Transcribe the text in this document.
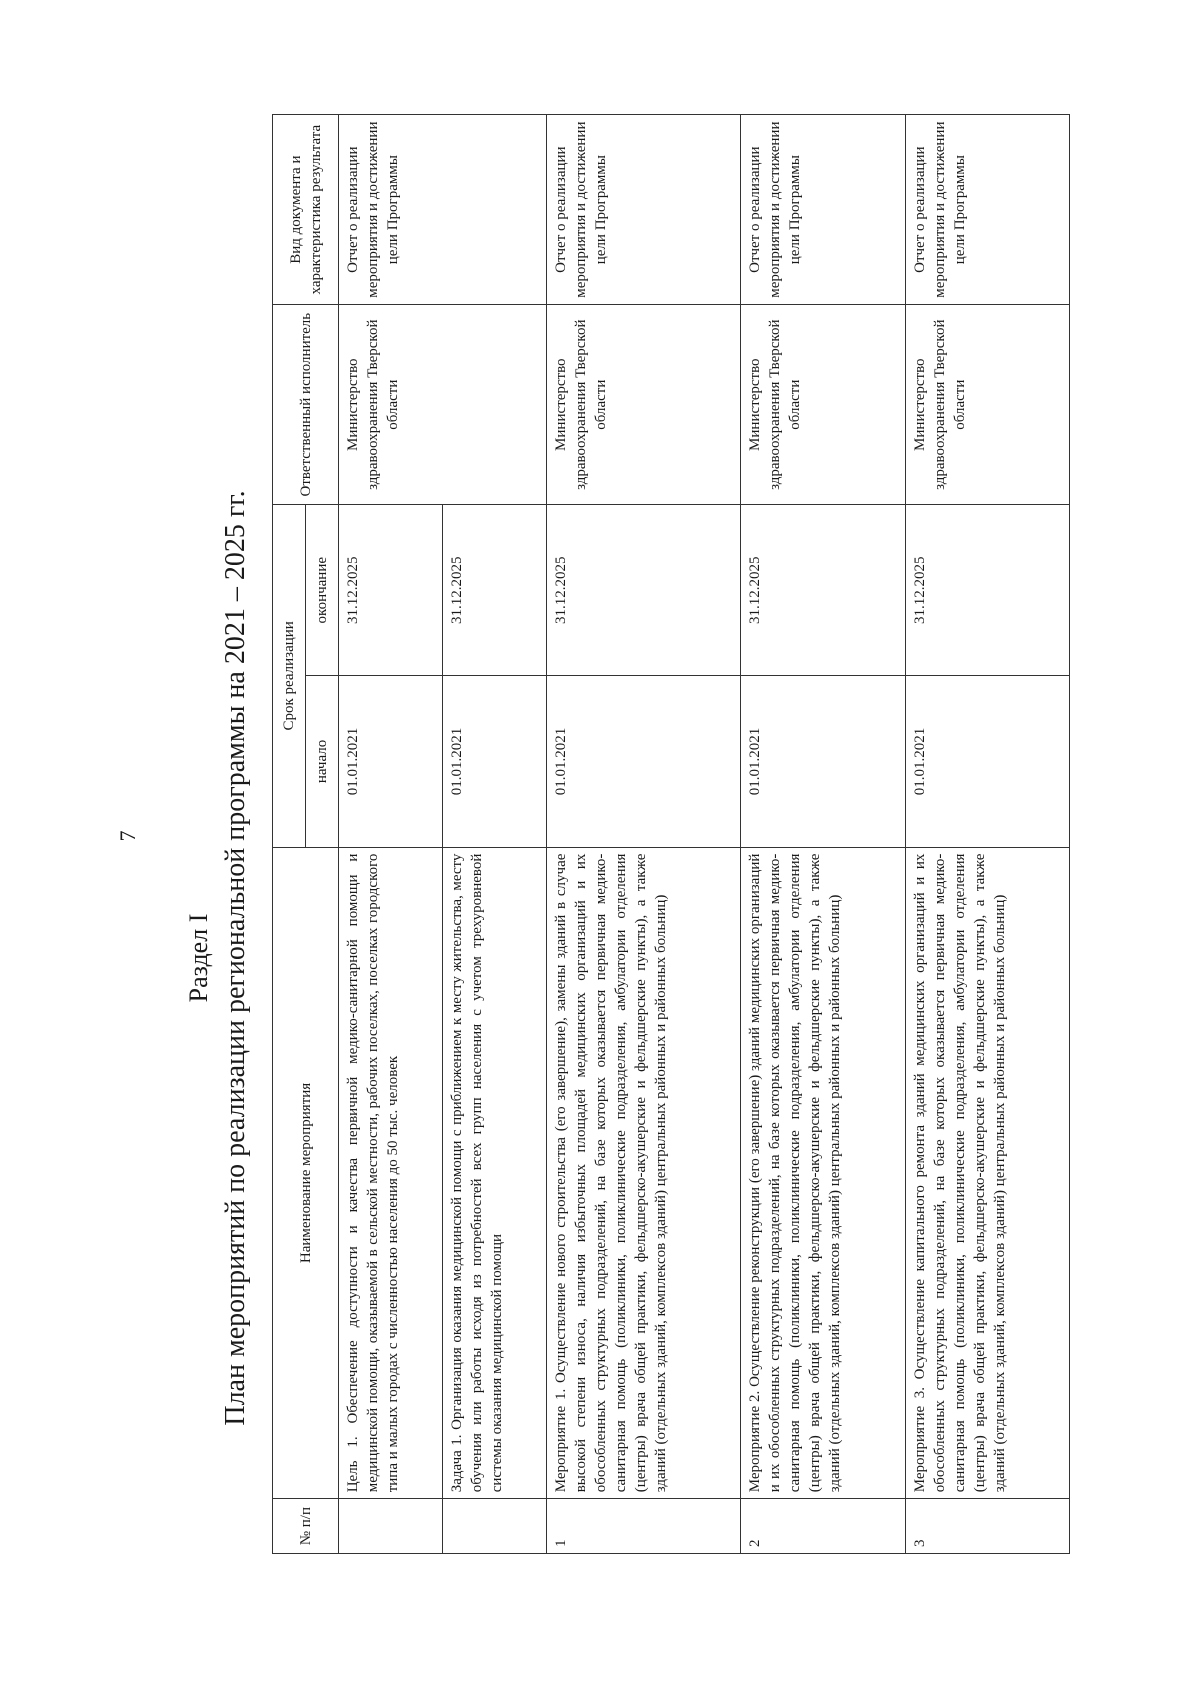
7
Раздел I План мероприятий по реализации региональной программы на 2021 – 2025 гг.
№ п/п	Наименование мероприятия	Срок реализации		Ответственный исполнитель	Вид документа и характеристика результата
		начало	окончание		
	Цель 1. Обеспечение доступности и качества первичной медико-санитарной помощи и медицинской помощи, оказываемой в сельской местности, рабочих поселках, поселках городского типа и малых городах с численностью населения до 50 тыс. человек	01.01.2021	31.12.2025	Министерство здравоохранения Тверской области	Отчет о реализации мероприятия и достижении цели Программы
	Задача 1. Организация оказания медицинской помощи с приближением к месту жительства, месту обучения или работы исходя из потребностей всех групп населения с учетом трехуровневой системы оказания медицинской помощи	01.01.2021	31.12.2025		
1	Мероприятие 1. Осуществление нового строительства (его завершение), замены зданий в случае высокой степени износа, наличия избыточных площадей медицинских организаций и их обособленных структурных подразделений, на базе которых оказывается первичная медико-санитарная помощь (поликлиники, поликлинические подразделения, амбулатории отделения (центры) врача общей практики, фельдшерско-акушерские и фельдшерские пункты), а также зданий (отдельных зданий, комплексов зданий) центральных районных и районных больниц)	01.01.2021	31.12.2025	Министерство здравоохранения Тверской области	Отчет о реализации мероприятия и достижении цели Программы
2	Мероприятие 2. Осуществление реконструкции (его завершение) зданий медицинских организаций и их обособленных структурных подразделений, на базе которых оказывается первичная медико-санитарная помощь (поликлиники, поликлинические подразделения, амбулатории отделения (центры) врача общей практики, фельдшерско-акушерские и фельдшерские пункты), а также зданий (отдельных зданий, комплексов зданий) центральных районных и районных больниц)	01.01.2021	31.12.2025	Министерство здравоохранения Тверской области	Отчет о реализации мероприятия и достижении цели Программы
3	Мероприятие 3. Осуществление капитального ремонта зданий медицинских организаций и их обособленных структурных подразделений, на базе которых оказывается первичная медико-санитарная помощь (поликлиники, поликлинические подразделения, амбулатории отделения (центры) врача общей практики, фельдшерско-акушерские и фельдшерские пункты), а также зданий (отдельных зданий, комплексов зданий) центральных районных и районных больниц)	01.01.2021	31.12.2025	Министерство здравоохранения Тверской области	Отчет о реализации мероприятия и достижении цели Программы
